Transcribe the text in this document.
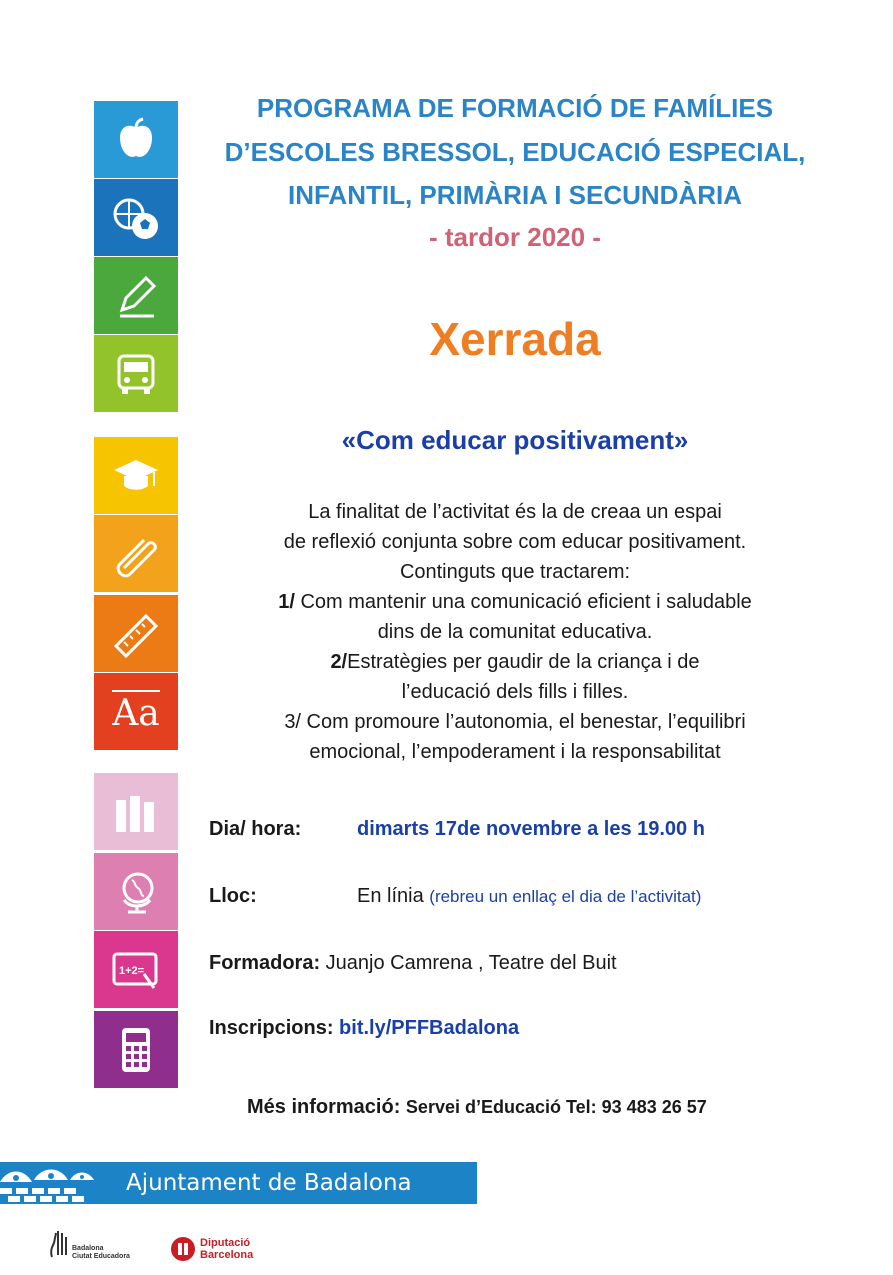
Aa
1+2=
PROGRAMA DE FORMACIÓ DE FAMÍLIES
D’ESCOLES BRESSOL, EDUCACIÓ ESPECIAL,
INFANTIL, PRIMÀRIA I SECUNDÀRIA
- tardor 2020 -
Xerrada
«Com educar positivament»
La finalitat de l’activitat és la de creaa un espai
de reflexió conjunta sobre com educar positivament.
Continguts que tractarem:
1/ Com mantenir una comunicació eficient i saludable
dins de la comunitat educativa.
2/Estratègies per gaudir de la criança i de
l’educació dels fills i filles.
3/ Com promoure l’autonomia, el benestar, l’equilibri
emocional, l’empoderament i la responsabilitat
Dia/ hora:	dimarts 17de novembre a les 19.00 h
Lloc:	En línia (rebreu un enllaç el dia de l’activitat)
Formadora: Juanjo Camrena , Teatre del Buit
Inscripcions: bit.ly/PFFBadalona
Més informació: Servei d’Educació Tel: 93 483 26 57
Ajuntament de Badalona
Badalona
Ciutat Educadora
Diputació
Barcelona
